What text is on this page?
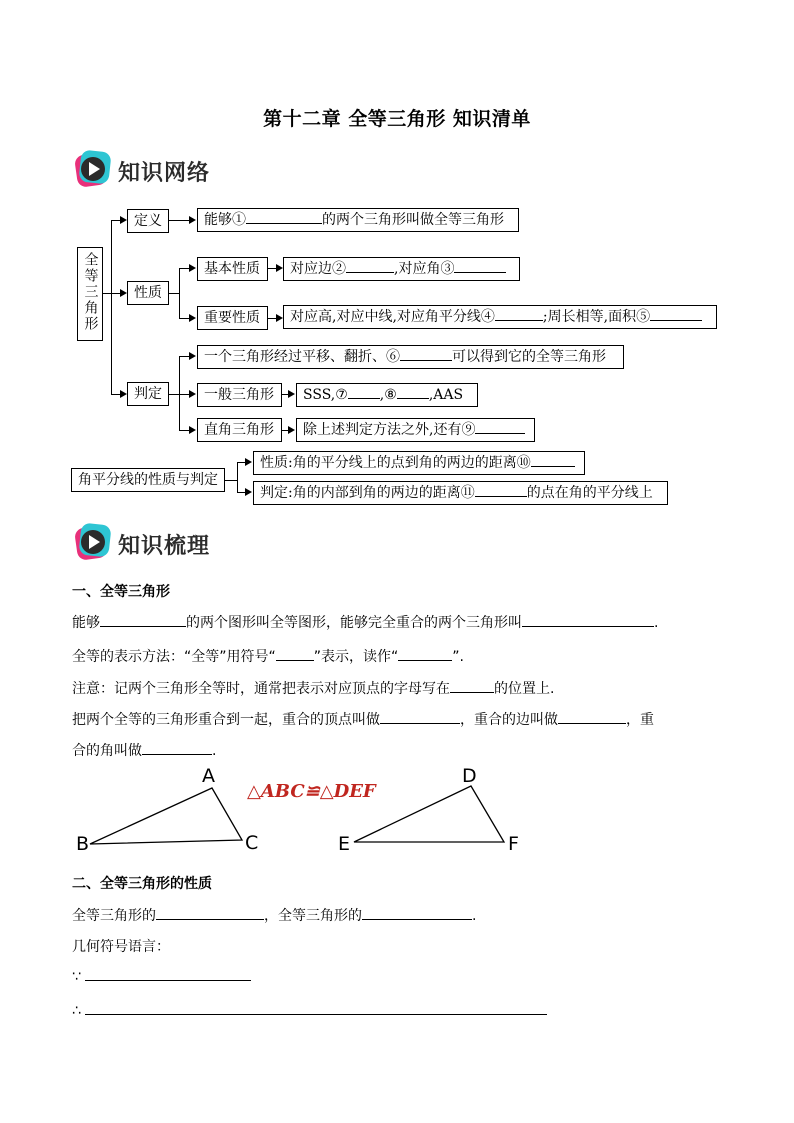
第十二章 全等三角形 知识清单
知识网络
全等三角形
定义	能够①	的两个三角形叫做全等三角形
性质
基本性质	对应边②	,对应角③
重要性质	对应高,对应中线,对应角平分线④	;周长相等,面积⑤
判定
一个三角形经过平移、翻折、⑥	可以得到它的全等三角形
一般三角形	SSS,⑦ ,⑧ ,AAS
直角三角形	除上述判定方法之外,还有⑨
角平分线的性质与判定
性质:角的平分线上的点到角的两边的距离⑩
判定:角的内部到角的两边的距离⑪	的点在角的平分线上
知识梳理
一、全等三角形
能够	的两个图形叫全等图形，能够完全重合的两个三角形叫	.
全等的表示方法：“全等”用符号“	”表示，读作“	”.
注意：记两个三角形全等时，通常把表示对应顶点的字母写在	的位置上.
把两个全等的三角形重合到一起，重合的顶点叫做	，重合的边叫做	，重
合的角叫做	.
A
B	C
D
E	F
△ABC≌△DEF
二、全等三角形的性质
全等三角形的	，全等三角形的	.
几何符号语言：
∵
∴
